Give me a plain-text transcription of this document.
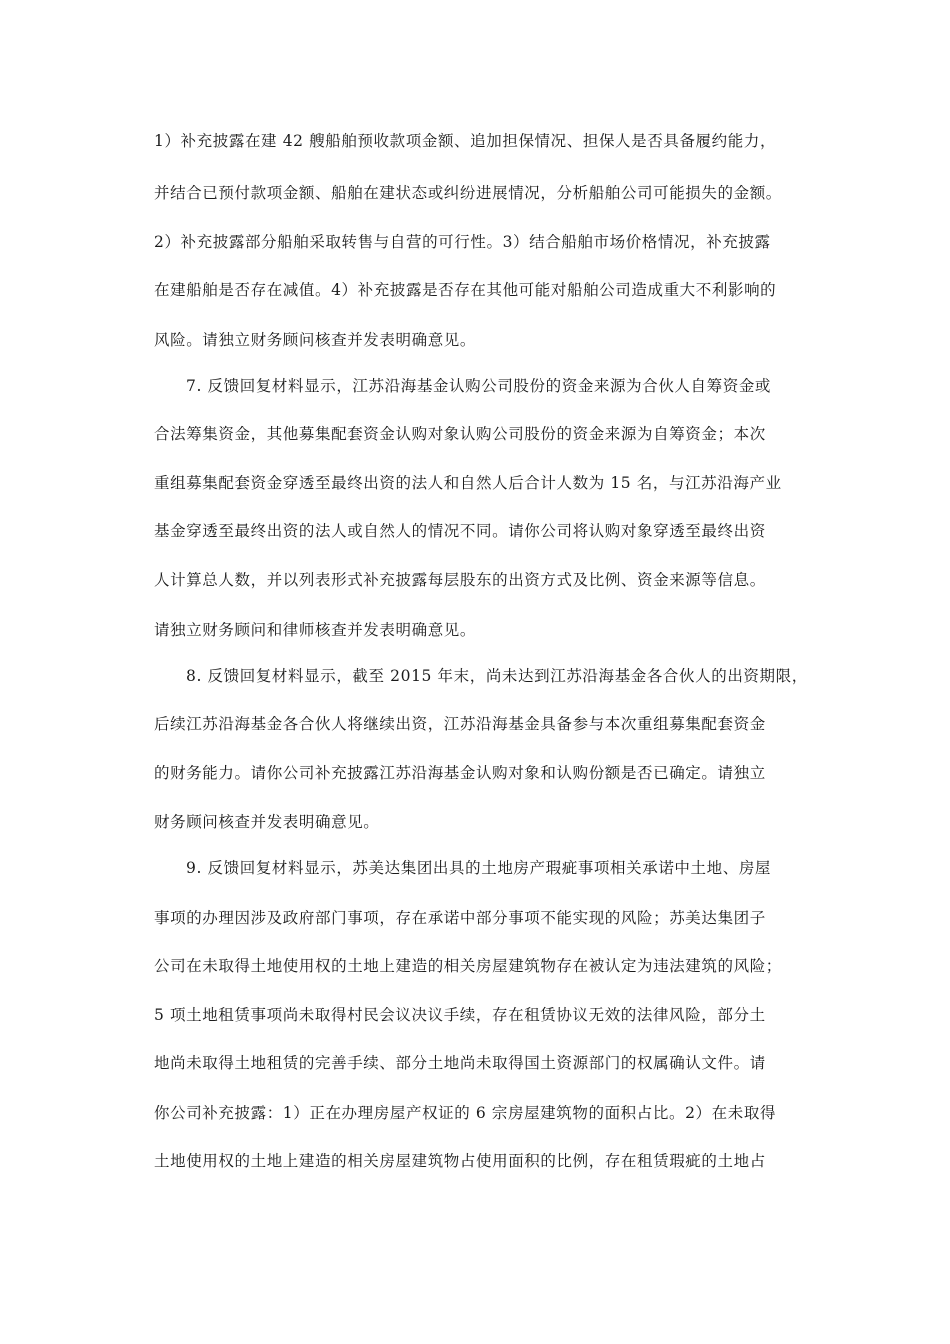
1）补充披露在建 42 艘船舶预收款项金额、追加担保情况、担保人是否具备履约能力，
并结合已预付款项金额、船舶在建状态或纠纷进展情况，分析船舶公司可能损失的金额。
2）补充披露部分船舶采取转售与自营的可行性。3）结合船舶市场价格情况，补充披露
在建船舶是否存在减值。4）补充披露是否存在其他可能对船舶公司造成重大不利影响的
风险。请独立财务顾问核查并发表明确意见。
7. 反馈回复材料显示，江苏沿海基金认购公司股份的资金来源为合伙人自筹资金或
合法筹集资金，其他募集配套资金认购对象认购公司股份的资金来源为自筹资金；本次
重组募集配套资金穿透至最终出资的法人和自然人后合计人数为 15 名，与江苏沿海产业
基金穿透至最终出资的法人或自然人的情况不同。请你公司将认购对象穿透至最终出资
人计算总人数，并以列表形式补充披露每层股东的出资方式及比例、资金来源等信息。
请独立财务顾问和律师核查并发表明确意见。
8. 反馈回复材料显示，截至 2015 年末，尚未达到江苏沿海基金各合伙人的出资期限，
后续江苏沿海基金各合伙人将继续出资，江苏沿海基金具备参与本次重组募集配套资金
的财务能力。请你公司补充披露江苏沿海基金认购对象和认购份额是否已确定。请独立
财务顾问核查并发表明确意见。
9. 反馈回复材料显示，苏美达集团出具的土地房产瑕疵事项相关承诺中土地、房屋
事项的办理因涉及政府部门事项，存在承诺中部分事项不能实现的风险；苏美达集团子
公司在未取得土地使用权的土地上建造的相关房屋建筑物存在被认定为违法建筑的风险；
5 项土地租赁事项尚未取得村民会议决议手续，存在租赁协议无效的法律风险，部分土
地尚未取得土地租赁的完善手续、部分土地尚未取得国土资源部门的权属确认文件。请
你公司补充披露：1）正在办理房屋产权证的 6 宗房屋建筑物的面积占比。2）在未取得
土地使用权的土地上建造的相关房屋建筑物占使用面积的比例，存在租赁瑕疵的土地占
